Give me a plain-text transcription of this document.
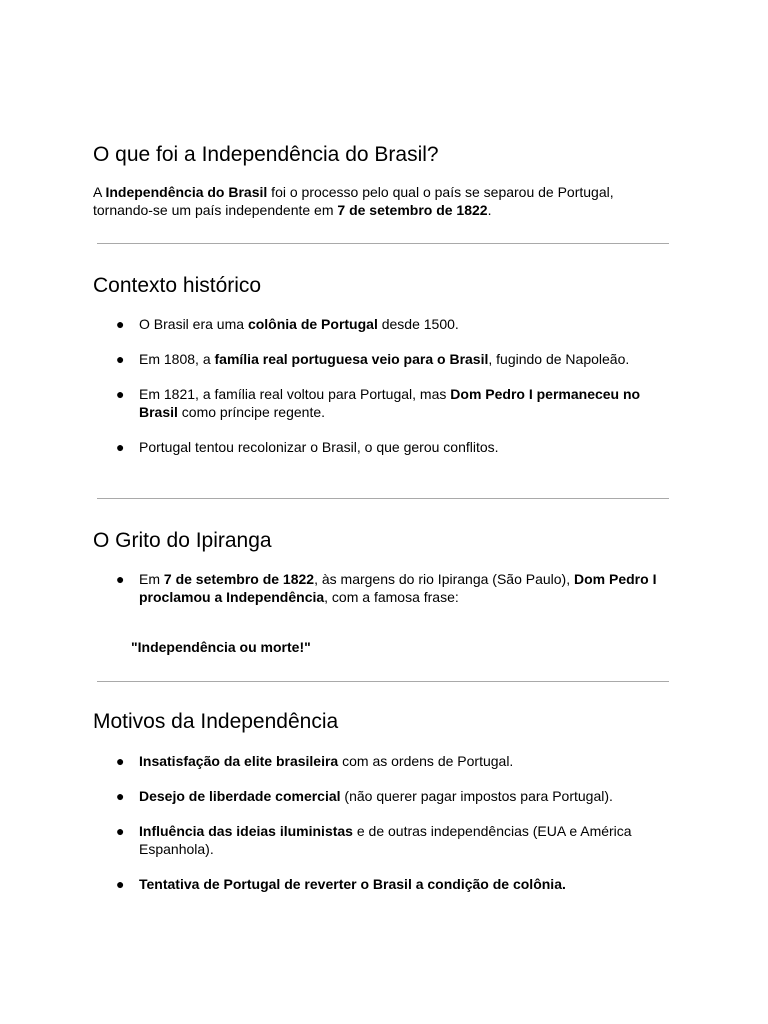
O que foi a Independência do Brasil?

A Independência do Brasil foi o processo pelo qual o país se separou de Portugal, tornando-se um país independente em 7 de setembro de 1822.

Contexto histórico
● O Brasil era uma colônia de Portugal desde 1500.
● Em 1808, a família real portuguesa veio para o Brasil, fugindo de Napoleão.
● Em 1821, a família real voltou para Portugal, mas Dom Pedro I permaneceu no Brasil como príncipe regente.
● Portugal tentou recolonizar o Brasil, o que gerou conflitos.
O Grito do Ipiranga
● Em 7 de setembro de 1822, às margens do rio Ipiranga (São Paulo), Dom Pedro I proclamou a Independência, com a famosa frase:
"Independência ou morte!"
Motivos da Independência
● Insatisfação da elite brasileira com as ordens de Portugal.
● Desejo de liberdade comercial (não querer pagar impostos para Portugal).
● Influência das ideias iluministas e de outras independências (EUA e América Espanhola).
● Tentativa de Portugal de reverter o Brasil a condição de colônia.
